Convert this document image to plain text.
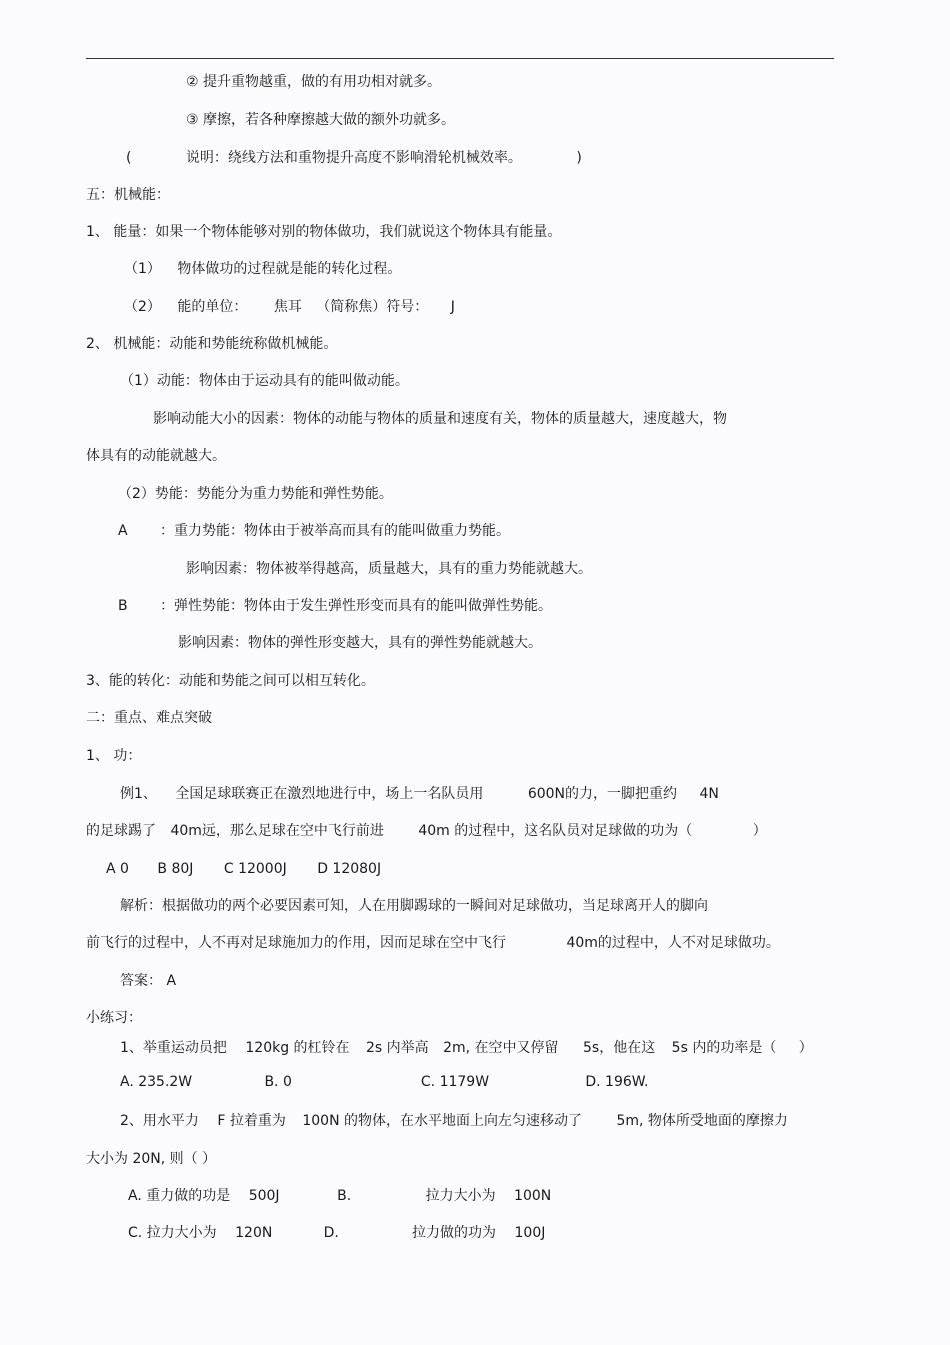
② 提升重物越重，做的有用功相对就多。
③ 摩擦，若各种摩擦越大做的额外功就多。
(	说明：绕线方法和重物提升高度不影响滑轮机械效率。	)
五：机械能：
1、 能量：如果一个物体能够对别的物体做功，我们就说这个物体具有能量。
（1） 物体做功的过程就是能的转化过程。
（2） 能的单位： 焦耳 （简称焦）符号： J
2、 机械能：动能和势能统称做机械能。
（1）动能：物体由于运动具有的能叫做动能。
影响动能大小的因素：物体的动能与物体的质量和速度有关，物体的质量越大，速度越大，物
体具有的动能就越大。
（2）势能：势能分为重力势能和弹性势能。
A ：重力势能：物体由于被举高而具有的能叫做重力势能。
影响因素：物体被举得越高，质量越大，具有的重力势能就越大。
B ：弹性势能：物体由于发生弹性形变而具有的能叫做弹性势能。
影响因素：物体的弹性形变越大，具有的弹性势能就越大。
3、能的转化：动能和势能之间可以相互转化。
二：重点、难点突破
1、 功：
例1、 全国足球联赛正在激烈地进行中，场上一名队员用	600N的力，一脚把重约 4N
的足球踢了 40m远，那么足球在空中飞行前进 40m 的过程中，这名队员对足球做的功为（	）
A 0 B 80J C 12000J D 12080J
解析：根据做功的两个必要因素可知，人在用脚踢球的一瞬间对足球做功，当足球离开人的脚向
前飞行的过程中，人不再对足球施加力的作用，因而足球在空中飞行	40m的过程中，人不对足球做功。
答案： A
小练习：
1、举重运动员把 120kg 的杠铃在 2s 内举高 2m, 在空中又停留 5s，他在这 5s 内的功率是（ ）
A. 235.2W	B. 0	C. 1179W	D. 196W.
2、用水平力 F 拉着重为 100N 的物体，在水平地面上向左匀速移动了 5m, 物体所受地面的摩擦力
大小为 20N, 则（ ）
A. 重力做的功是 500J	B.	拉力大小为 100N
C. 拉力大小为 120N	D.	拉力做的功为 100J
